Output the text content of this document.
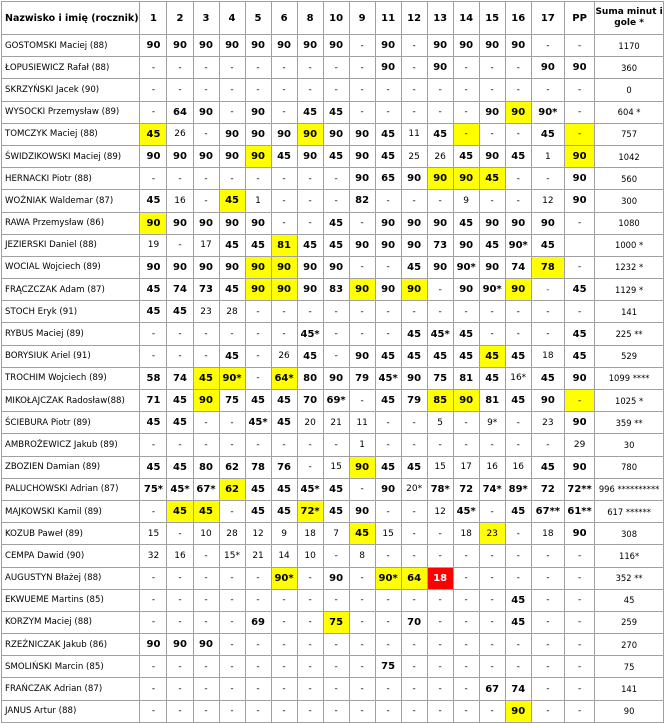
Nazwisko i imię (rocznik)	1	2	3	4	5	6	8	10	9	11	12	13	14	15	16	17	PP	Suma minut i gole *
GOSTOMSKI Maciej (88)	90	90	90	90	90	90	90	90	-	90	-	90	90	90	90	-	-	1170
ŁOPUSIEWICZ Rafał (88)	-	-	-	-	-	-	-	-	-	90	-	90	-	-	-	90	90	360
SKRZYŃSKI Jacek (90)	-	-	-	-	-	-	-	-	-	-	-	-	-	-	-	-	-	0
WYSOCKI Przemysław (89)	-	64	90	-	90	-	45	45	-	-	-	-	-	90	90	90*	-	604 *
TOMCZYK Maciej (88)	45	26	-	90	90	90	90	90	90	45	11	45	-	-	-	45	-	757
ŚWIDZIKOWSKI Maciej (89)	90	90	90	90	90	45	90	45	90	45	25	26	45	90	45	1	90	1042
HERNACKI Piotr (88)	-	-	-	-	-	-	-	-	90	65	90	90	90	45	-	-	90	560
WOŹNIAK Waldemar (87)	45	16	-	45	1	-	-	-	82	-	-	-	9	-	-	12	90	300
RAWA Przemysław (86)	90	90	90	90	90	-	-	45	-	90	90	90	45	90	90	90	-	1080
JEZIERSKI Daniel (88)	19	-	17	45	45	81	45	45	90	90	90	73	90	45	90*	45		1000 *
WOCIAL Wojciech (89)	90	90	90	90	90	90	90	90	-	-	45	90	90*	90	74	78	-	1232 *
FRĄCZCZAK Adam (87)	45	74	73	45	90	90	90	83	90	90	90	-	90	90*	90	-	45	1129 *
STOCH Eryk (91)	45	45	23	28	-	-	-	-	-	-	-	-	-	-	-	-	-	141
RYBUS Maciej (89)	-	-	-	-	-	-	45*	-	-	-	45	45*	45	-	-	-	45	225 **
BORYSIUK Ariel (91)	-	-	-	45	-	26	45	-	90	45	45	45	45	45	45	18	45	529
TROCHIM Wojciech (89)	58	74	45	90*	-	64*	80	90	79	45*	90	75	81	45	16*	45	90	1099 ****
MIKOŁAJCZAK Radosław(88)	71	45	90	75	45	45	70	69*	-	45	79	85	90	81	45	90	-	1025 *
ŚCIEBURA Piotr (89)	45	45	-	-	45*	45	20	21	11	-	-	5	-	9*	-	23	90	359 **
AMBROŻEWICZ Jakub (89)	-	-	-	-	-	-	-	-	1	-	-	-	-	-	-	-	29	30
ZBOZIEN Damian (89)	45	45	80	62	78	76	-	15	90	45	45	15	17	16	16	45	90	780
PALUCHOWSKI Adrian (87)	75*	45*	67*	62	45	45	45*	45	-	90	20*	78*	72	74*	89*	72	72**	996 **********
MAJKOWSKI Kamil (89)	-	45	45	-	45	45	72*	45	90	-	-	12	45*	-	45	67**	61**	617 ******
KOZUB Paweł (89)	15	-	10	28	12	9	18	7	45	15	-	-	18	23	-	18	90	308
CEMPA Dawid (90)	32	16	-	15*	21	14	10	-	8	-	-	-	-	-	-	-	-	116*
AUGUSTYN Błażej (88)	-	-	-	-	-	90*	-	90	-	90*	64	18	-	-	-	-	-	352 **
EKWUEME Martins (85)	-	-	-	-	-	-	-	-	-	-	-	-	-	-	45	-	-	45
KORZYM Maciej (88)	-	-	-	-	69	-	-	75	-	-	70	-	-	-	45	-	-	259
RZEŹNICZAK Jakub (86)	90	90	90	-	-	-	-	-	-	-	-	-	-	-	-	-	-	270
SMOLIŃSKI Marcin (85)	-	-	-	-	-	-	-	-	-	75	-	-	-	-	-	-	-	75
FRAŃCZAK Adrian (87)	-	-	-	-	-	-	-	-	-	-	-	-	-	67	74	-	-	141
JANUS Artur (88)	-	-	-	-	-	-	-	-	-	-	-	-	-	-	90	-	-	90
